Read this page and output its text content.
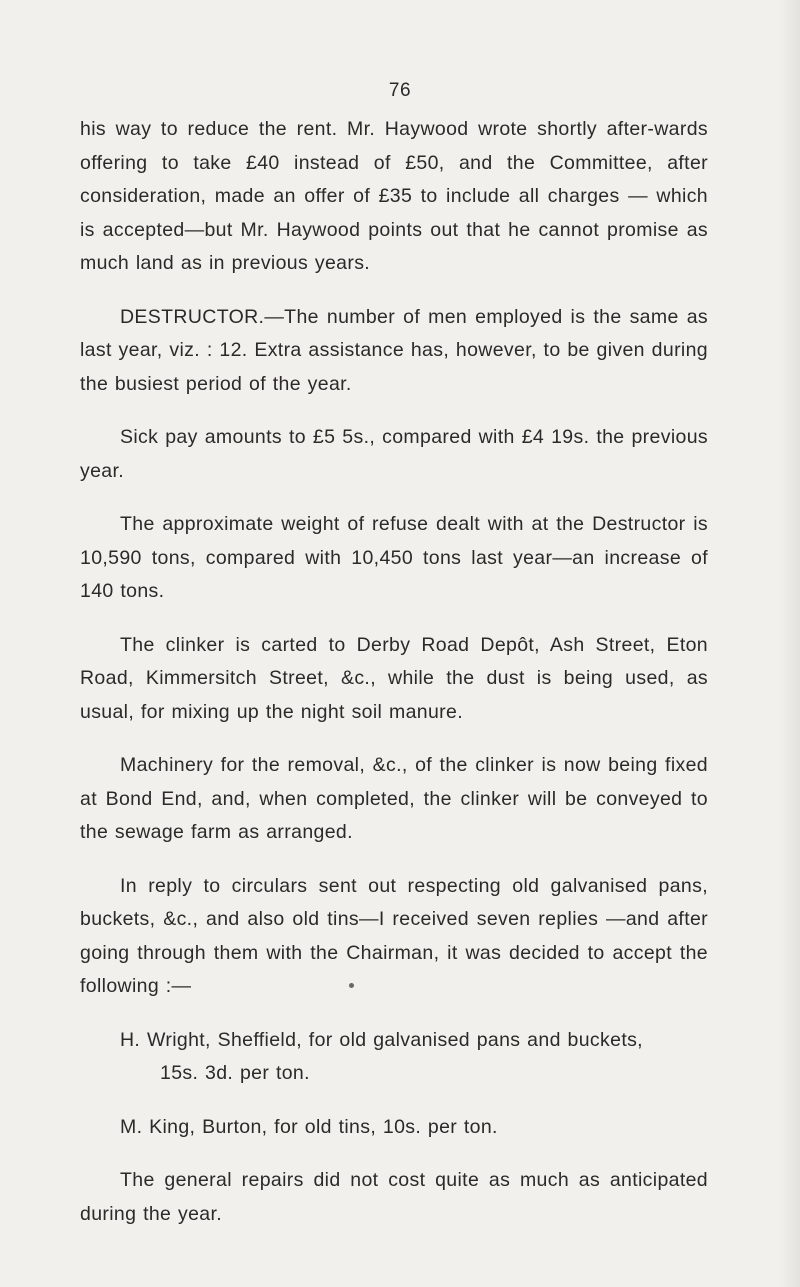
76

his way to reduce the rent. Mr. Haywood wrote shortly after-wards offering to take £40 instead of £50, and the Committee, after consideration, made an offer of £35 to include all charges — which is accepted—but Mr. Haywood points out that he cannot promise as much land as in previous years.

DESTRUCTOR.—The number of men employed is the same as last year, viz. : 12. Extra assistance has, however, to be given during the busiest period of the year.

Sick pay amounts to £5 5s., compared with £4 19s. the previous year.

The approximate weight of refuse dealt with at the Destructor is 10,590 tons, compared with 10,450 tons last year—an increase of 140 tons.

The clinker is carted to Derby Road Depôt, Ash Street, Eton Road, Kimmersitch Street, &c., while the dust is being used, as usual, for mixing up the night soil manure.

Machinery for the removal, &c., of the clinker is now being fixed at Bond End, and, when completed, the clinker will be conveyed to the sewage farm as arranged.

In reply to circulars sent out respecting old galvanised pans, buckets, &c., and also old tins—I received seven replies —and after going through them with the Chairman, it was decided to accept the following :—

H. Wright, Sheffield, for old galvanised pans and buckets,
15s. 3d. per ton.

M. King, Burton, for old tins, 10s. per ton.

The general repairs did not cost quite as much as anticipated during the year.
